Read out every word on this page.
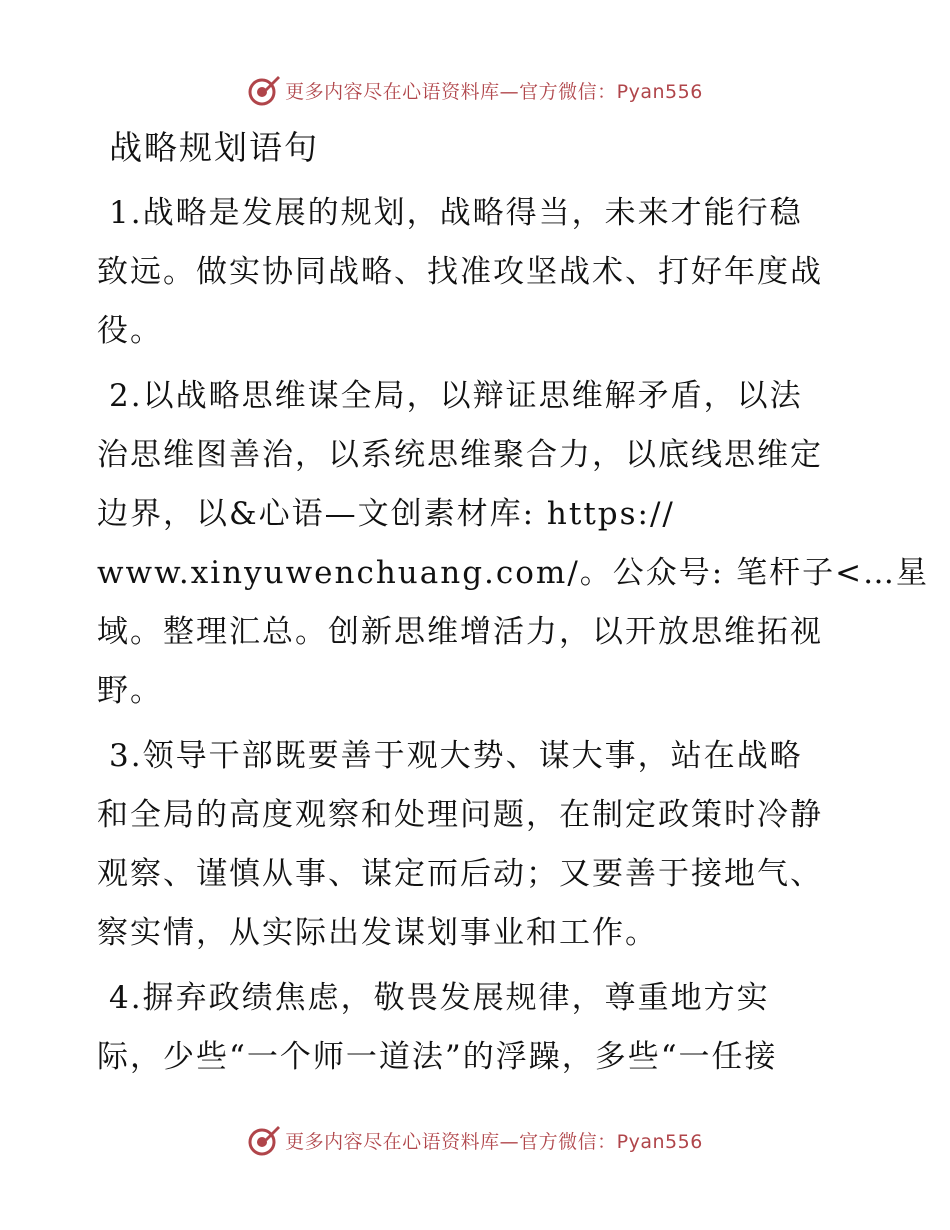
更多内容尽在心语资料库—官方微信：Pyan556
战略规划语句
1.战略是发展的规划，战略得当，未来才能行稳
致远。做实协同战略、找准攻坚战术、打好年度战
役。
2.以战略思维谋全局，以辩证思维解矛盾，以法
治思维图善治，以系统思维聚合力，以底线思维定
边界，以&心语—文创素材库: https://
www.xinyuwenchuang.com/。公众号: 笔杆子<…星
域。整理汇总。创新思维增活力，以开放思维拓视
野。
3.领导干部既要善于观大势、谋大事，站在战略
和全局的高度观察和处理问题，在制定政策时冷静
观察、谨慎从事、谋定而后动；又要善于接地气、
察实情，从实际出发谋划事业和工作。
4.摒弃政绩焦虑，敬畏发展规律，尊重地方实
际，少些“一个师一道法”的浮躁，多些“一任接
更多内容尽在心语资料库—官方微信：Pyan556
